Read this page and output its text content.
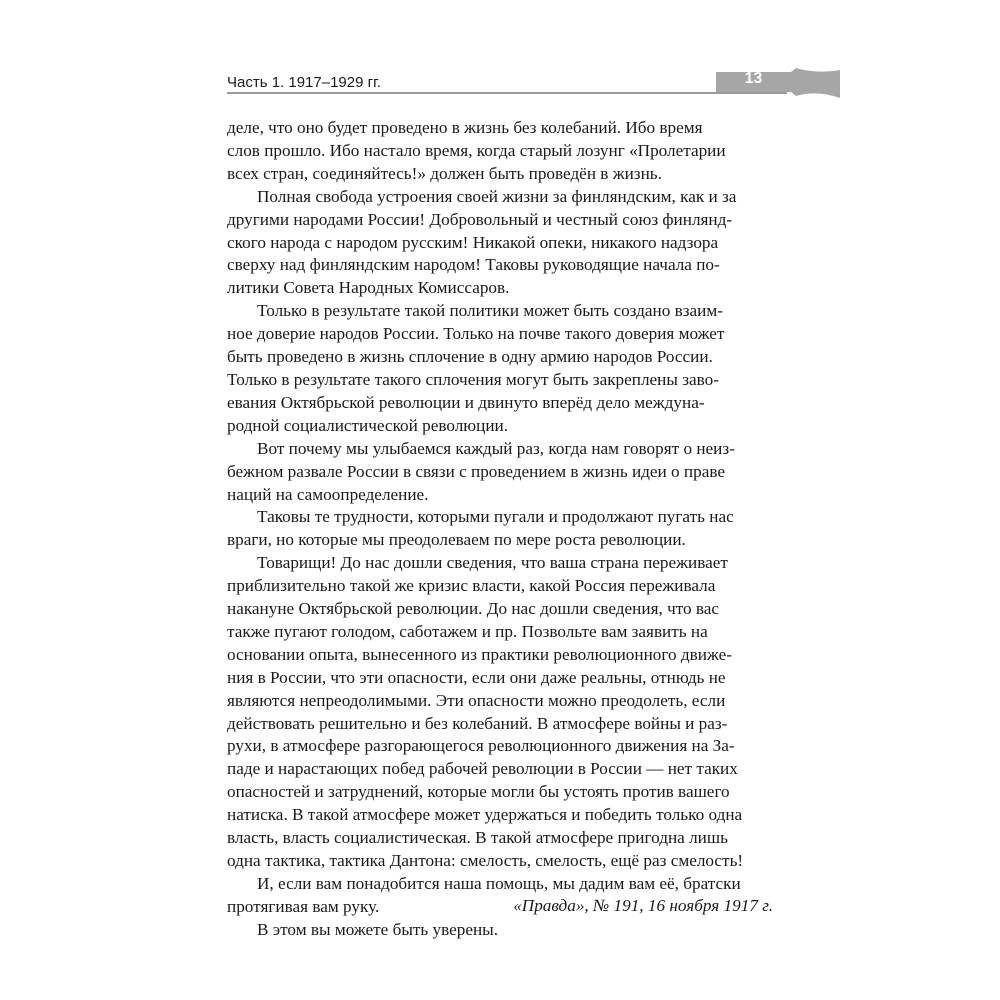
Часть 1. 1917–1929 гг.	13

деле, что оно будет проведено в жизнь без колебаний. Ибо время
слов прошло. Ибо настало время, когда старый лозунг «Пролетарии
всех стран, соединяйтесь!» должен быть проведён в жизнь.

Полная свобода устроения своей жизни за финляндским, как и за
другими народами России! Добровольный и честный союз финлянд-
ского народа с народом русским! Никакой опеки, никакого надзора
сверху над финляндским народом! Таковы руководящие начала по-
литики Совета Народных Комиссаров.

Только в результате такой политики может быть создано взаим-
ное доверие народов России. Только на почве такого доверия может
быть проведено в жизнь сплочение в одну армию народов России.
Только в результате такого сплочения могут быть закреплены заво-
евания Октябрьской революции и двинуто вперёд дело междуна-
родной социалистической революции.

Вот почему мы улыбаемся каждый раз, когда нам говорят о неиз-
бежном развале России в связи с проведением в жизнь идеи о праве
наций на самоопределение.

Таковы те трудности, которыми пугали и продолжают пугать нас
враги, но которые мы преодолеваем по мере роста революции.

Товарищи! До нас дошли сведения, что ваша страна переживает
приблизительно такой же кризис власти, какой Россия переживала
накануне Октябрьской революции. До нас дошли сведения, что вас
также пугают голодом, саботажем и пр. Позвольте вам заявить на
основании опыта, вынесенного из практики революционного движе-
ния в России, что эти опасности, если они даже реальны, отнюдь не
являются непреодолимыми. Эти опасности можно преодолеть, если
действовать решительно и без колебаний. В атмосфере войны и раз-
рухи, в атмосфере разгорающегося революционного движения на За-
паде и нарастающих побед рабочей революции в России — нет таких
опасностей и затруднений, которые могли бы устоять против вашего
натиска. В такой атмосфере может удержаться и победить только одна
власть, власть социалистическая. В такой атмосфере пригодна лишь
одна тактика, тактика Дантона: смелость, смелость, ещё раз смелость!

И, если вам понадобится наша помощь, мы дадим вам её, братски
протягивая вам руку.

В этом вы можете быть уверены.

«Правда», № 191, 16 ноября 1917 г.
